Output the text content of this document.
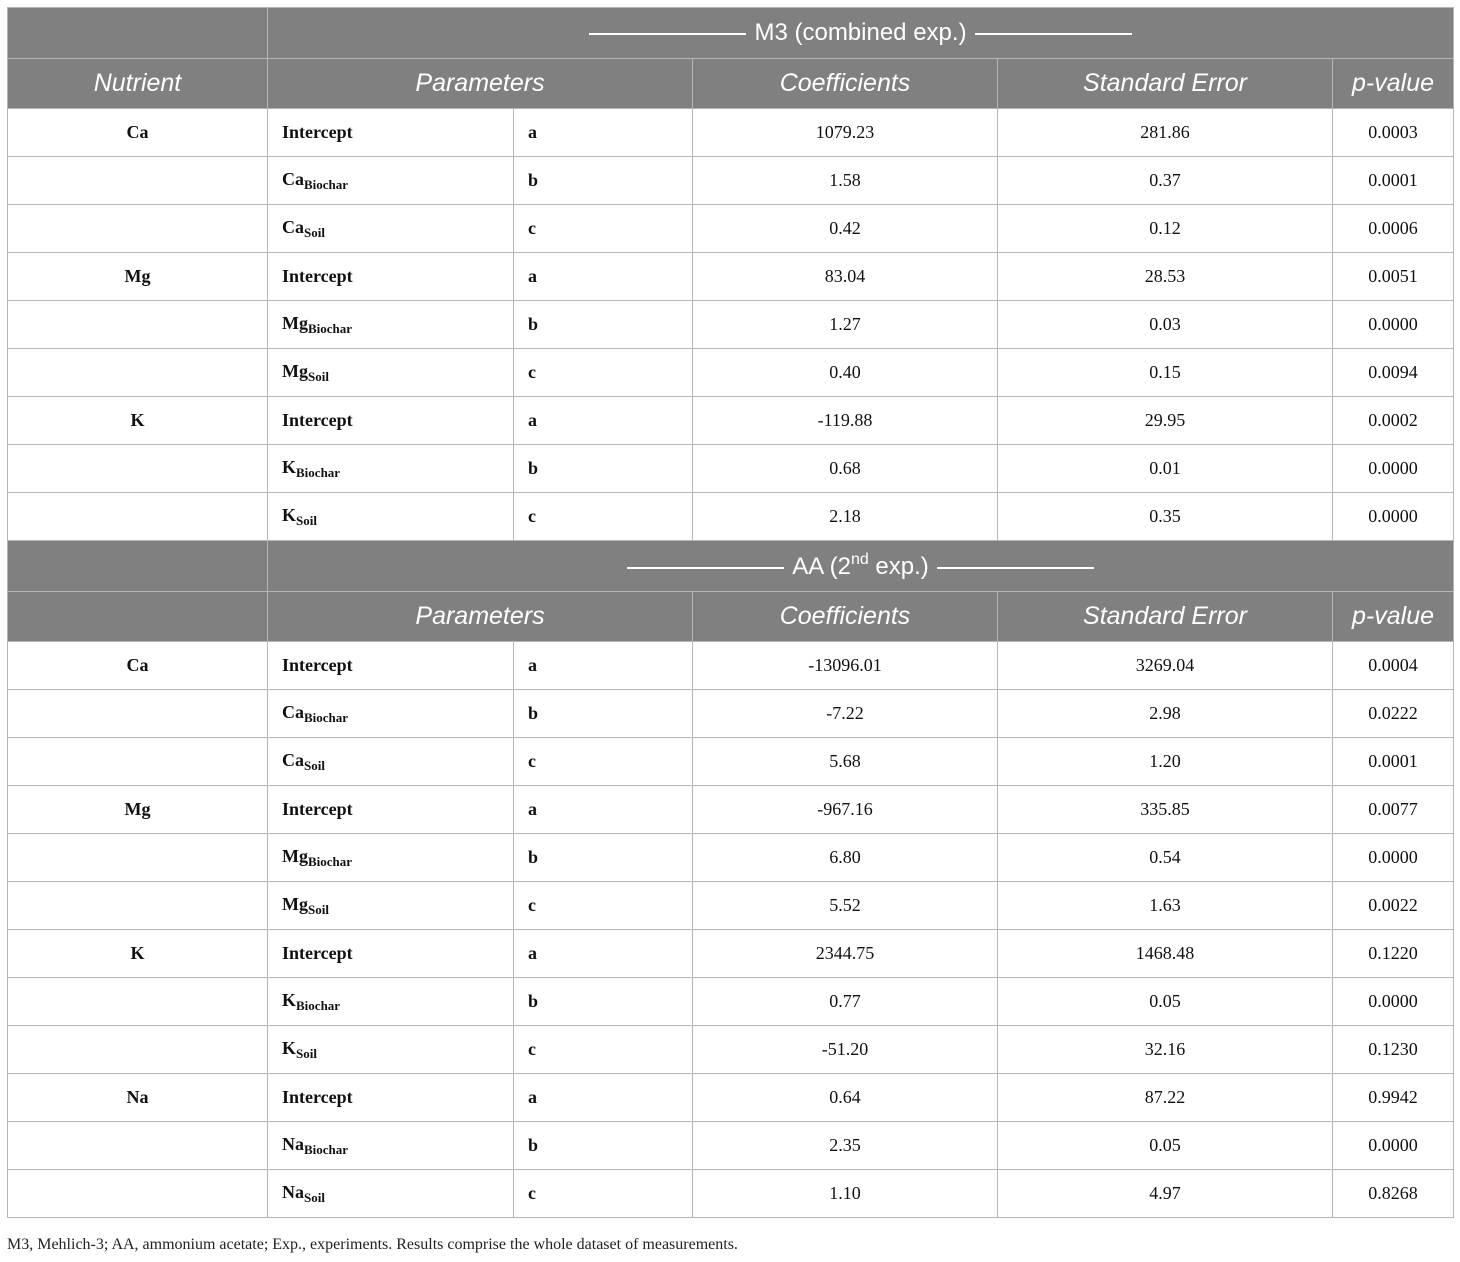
	M3 (combined exp.)				
Nutrient	Parameters		Coefficients	Standard Error	p-value
Ca	Intercept	a	1079.23	281.86	0.0003
	$Ca_{Biochar}$	b	1.58	0.37	0.0001
	$Ca_{Soil}$	c	0.42	0.12	0.0006
Mg	Intercept	a	83.04	28.53	0.0051
	$Mg_{Biochar}$	b	1.27	0.03	0.0000
	$Mg_{Soil}$	c	0.40	0.15	0.0094
K	Intercept	a	-119.88	29.95	0.0002
	$K_{Biochar}$	b	0.68	0.01	0.0000
	$K_{Soil}$	c	2.18	0.35	0.0000
	AA (2nd exp.)				
	Parameters		Coefficients	Standard Error	p-value
Ca	Intercept	a	-13096.01	3269.04	0.0004
	$Ca_{Biochar}$	b	-7.22	2.98	0.0222
	$Ca_{Soil}$	c	5.68	1.20	0.0001
Mg	Intercept	a	-967.16	335.85	0.0077
	$Mg_{Biochar}$	b	6.80	0.54	0.0000
	$Mg_{Soil}$	c	5.52	1.63	0.0022
K	Intercept	a	2344.75	1468.48	0.1220
	$K_{Biochar}$	b	0.77	0.05	0.0000
	$K_{Soil}$	c	-51.20	32.16	0.1230
Na	Intercept	a	0.64	87.22	0.9942
	$Na_{Biochar}$	b	2.35	0.05	0.0000
	$Na_{Soil}$	c	1.10	4.97	0.8268
M3, Mehlich-3; AA, ammonium acetate; Exp., experiments. Results comprise the whole dataset of measurements.
